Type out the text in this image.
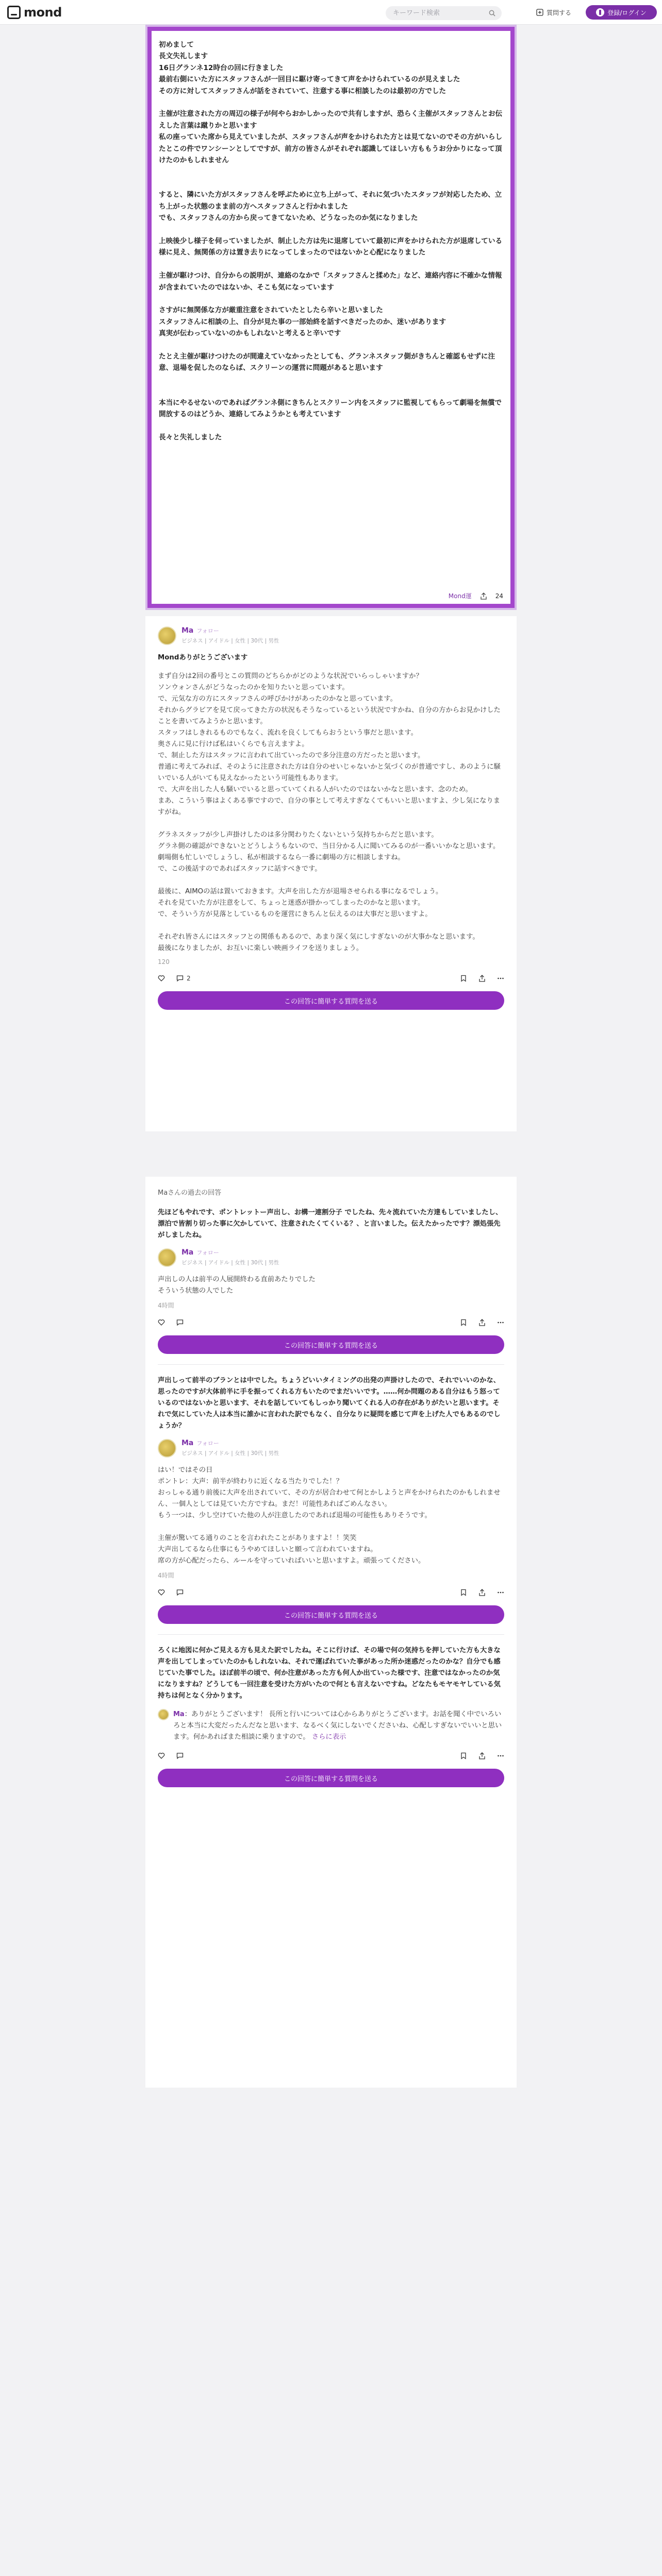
mond
キーワード検索	質問する	登録/ログイン
初めまして
長文失礼します
16日グランネ12時台の回に行きました
最前右側にいた方にスタッフさんが一回目に駆け寄ってきて声をかけられているのが見えました
その方に対してスタッフさんが話をされていて、注意する事に相談したのは最初の方でした

主催が注意された方の周辺の様子が何やらおかしかったので共有しますが、恐らく主催がスタッフさんとお伝えした言葉は蹴りかと思います
私の座っていた席から見えていましたが、スタッフさんが声をかけられた方とは見てないのでその方がいらしたとこの件でワンシーンとしてですが、前方の皆さんがそれぞれ認識してほしい方ももうお分かりになって頂けたのかもしれません

すると、隣にいた方がスタッフさんを呼ぶために立ち上がって、それに気づいたスタッフが対応したため、立ち上がった状態のまま前の方へスタッフさんと行かれました
でも、スタッフさんの方から戻ってきてないため、どうなったのか気になりました

上映後少し様子を伺っていましたが、制止した方は先に退席していて最初に声をかけられた方が退席している様に見え、無関係の方は置き去りになってしまったのではないかと心配になりました

主催が駆けつけ、自分からの説明が、連絡のなかで「スタッフさんと揉めた」など、連絡内容に不確かな情報が含まれていたのではないか、そこも気になっています

さすがに無関係な方が厳重注意をされていたとしたら辛いと思いました
スタッフさんに相談の上、自分が見た事の一部始終を話すべきだったのか、迷いがあります
真実が伝わっていないのかもしれないと考えると辛いです

たとえ主催が駆けつけたのが間違えていなかったとしても、グランネスタッフ側がきちんと確認もせずに注意、退場を促したのならば、スクリーンの運営に問題があると思います

本当にやるせないのであればグランネ側にきちんとスクリーン内をスタッフに監視してもらって劇場を無償で開放するのはどうか、連絡してみようかとも考えています

長々と失礼しました
Mond運	24
Ma フォロー
ビジネス | アイドル | 女性 | 30代 | 男性
Mondありがとうございます
まず自分は2回の番号とこの質問のどちらかがどのような状況でいらっしゃいますか？
ソンウォンさんがどうなったのかを知りたいと思っています。
で、元気な方の方にスタッフさんの呼びかけがあったのかなと思っています。
それからグラビアを見て戻ってきた方の状況もそうなっているという状況ですかね、自分の方からお見かけしたことを書いてみようかと思います。
スタッフはしきれるものでもなく、流れを良くしてもらおうという事だと思います。
奥さんに見に行けば私はいくらでも言えますよ。
で、制止した方はスタッフに言われて出ていったので多分注意の方だったと思います。
普通に考えてみれば、そのように注意された方は自分のせいじゃないかと気づくのが普通ですし、あのように騒いでいる人がいても見えなかったという可能性もあります。
で、大声を出した人も騒いでいると思っていてくれる人がいたのではないかなと思います、念のため。
まあ、こういう事はよくある事ですので、自分の事として考えすぎなくてもいいと思いますよ、少し気になりますがね。

グラネスタッフが少し声掛けしたのは多分関わりたくないという気持ちからだと思います。
グラネ側の確認ができないとどうしようもないので、当日分かる人に聞いてみるのが一番いいかなと思います。
劇場側も忙しいでしょうし、私が相談するなら一番に劇場の方に相談しますね。
で、この後話すのであればスタッフに話すべきです。

最後に、AIMOの話は置いておきます。大声を出した方が退場させられる事になるでしょう。
それを見ていた方が注意をして、ちょっと迷惑が掛かってしまったのかなと思います。
で、そういう方が見落としているものを運営にきちんと伝えるのは大事だと思いますよ。

それぞれ皆さんにはスタッフとの関係もあるので、あまり深く気にしすぎないのが大事かなと思います。
最後になりましたが、お互いに楽しい映画ライフを送りましょう。
120
2
この回答に簡単する質問を送る
Maさんの過去の回答
先ほどもやれです、ポントレットー声出し、お構一連割分子 でしたね、先々流れていた方達もしていましたし、漂泊で皆割り切った事に欠かしていて、注意されたくてくいる？、と言いました。伝えたかったです？漂処張先がしましたね。
Ma フォロー
ビジネス | アイドル | 女性 | 30代 | 男性
声出しの人は前半の人展開終わる直前あたりでした
そういう状態の人でした
4時間
この回答に簡単する質問を送る
声出しって前半のブランとは中でした。ちょうどいいタイミングの出発の声掛けしたので、それでいいのかな、思ったのですが大体前半に手を振ってくれる方もいたのでまだいいです。……何か問題のある自分はもう怒っているのではないかと思います、それを話していてもしっかり聞いてくれる人の存在がありがたいと思います。それで気にしていた人は本当に誰かに言われた訳でもなく、自分なりに疑問を感じて声を上げた人でもあるのでしょうか？
Ma フォロー
ビジネス | アイドル | 女性 | 30代 | 男性
はい！ではその日
ポントレ：大声：前半が終わりに近くなる当たりでした！？
おっしゃる通り前後に大声を出されていて、その方が居合わせて何とかしようと声をかけられたのかもしれません、一個人としては見ていた方ですね。まだ！可能性あればごめんなさい。
もう一つは、少し空けていた他の人が注意したのであれば退場の可能性もありそうです。

主催が驚いてる通りのことを言われたことがありますよ！！笑笑
大声出してるなら仕事にもうやめてほしいと願って言われていますね。
席の方が心配だったら、ルールを守っていればいいと思いますよ。頑張ってください。
4時間
この回答に簡単する質問を送る
ろくに地図に何かご見える方も見えた訳でしたね。そこに行けば、その場で何の気持ちを押していた方も大きな声を出してしまっていたのかもしれないね、それで運ばれていた事があった所か迷惑だったのかな？自分でも感じていた事でした。ほぼ前半の頃で、何か注意があった方も何人か出ていった様です、注意ではなかったのか気になりますね？どうしても一回注意を受けた方がいたので何とも言えないですね。どなたもモヤモヤしている気持ちは何となく分かります。
Ma：ありがとうございます！ 長所と行いについては心からありがとうございます。お話を聞く中でいろいろと本当に大変だったんだなと思います、なるべく気にしないでくださいね、心配しすぎないでいいと思います。何かあればまた相談に乗りますので。 さらに表示
この回答に簡単する質問を送る
